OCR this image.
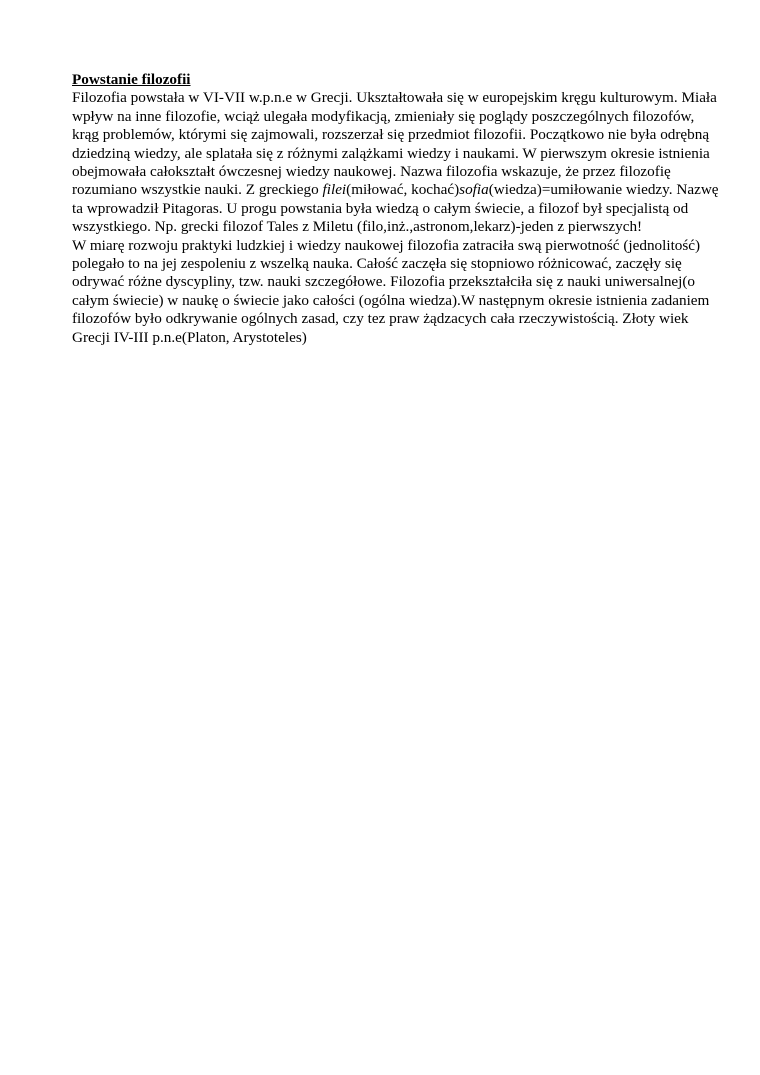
Powstanie filozofii

Filozofia powstała w VI-VII w.p.n.e w Grecji. Ukształtowała się w europejskim kręgu kulturowym. Miała wpływ na inne filozofie, wciąż ulegała modyfikacją, zmieniały się poglądy poszczególnych filozofów, krąg problemów, którymi się zajmowali, rozszerzał się przedmiot filozofii. Początkowo nie była odrębną dziedziną wiedzy, ale splatała się z różnymi zalążkami wiedzy i naukami. W pierwszym okresie istnienia obejmowała całokształt ówczesnej wiedzy naukowej. Nazwa filozofia wskazuje, że przez filozofię rozumiano wszystkie nauki. Z greckiego filei(miłować, kochać)sofia(wiedza)=umiłowanie wiedzy. Nazwę ta wprowadził Pitagoras. U progu powstania była wiedzą o całym świecie, a filozof był specjalistą od wszystkiego. Np. grecki filozof Tales z Miletu (filo,inż.,astronom,lekarz)-jeden z pierwszych!

W miarę rozwoju praktyki ludzkiej i wiedzy naukowej filozofia zatraciła swą pierwotność (jednolitość) polegało to na jej zespoleniu z wszelką nauka. Całość zaczęła się stopniowo różnicować, zaczęły się odrywać różne dyscypliny, tzw. nauki szczegółowe. Filozofia przekształciła się z nauki uniwersalnej(o całym świecie) w naukę o świecie jako całości (ogólna wiedza).W następnym okresie istnienia zadaniem filozofów było odkrywanie ogólnych zasad, czy tez praw żądzacych cała rzeczywistością. Złoty wiek Grecji IV-III p.n.e(Platon, Arystoteles)
